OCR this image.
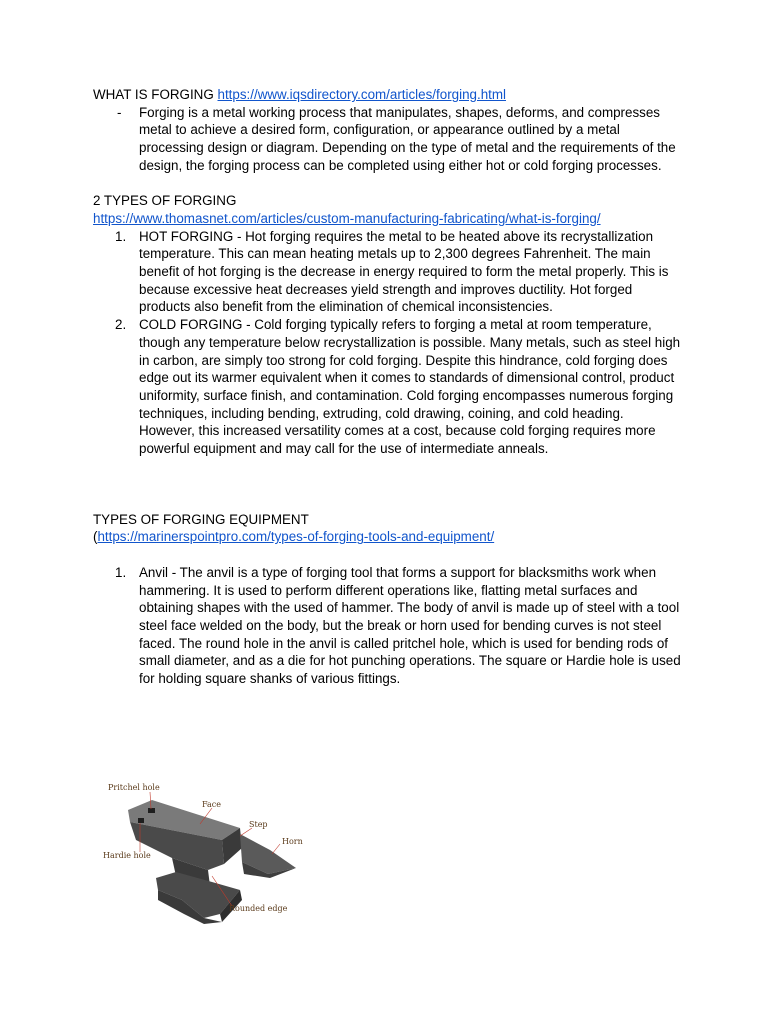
WHAT IS FORGING https://www.iqsdirectory.com/articles/forging.html

- Forging is a metal working process that manipulates, shapes, deforms, and compresses metal to achieve a desired form, configuration, or appearance outlined by a metal processing design or diagram. Depending on the type of metal and the requirements of the design, the forging process can be completed using either hot or cold forging processes.

2 TYPES OF FORGING

https://www.thomasnet.com/articles/custom-manufacturing-fabricating/what-is-forging/

1. HOT FORGING - Hot forging requires the metal to be heated above its recrystallization temperature. This can mean heating metals up to 2,300 degrees Fahrenheit. The main benefit of hot forging is the decrease in energy required to form the metal properly. This is because excessive heat decreases yield strength and improves ductility. Hot forged products also benefit from the elimination of chemical inconsistencies.
2. COLD FORGING - Cold forging typically refers to forging a metal at room temperature, though any temperature below recrystallization is possible. Many metals, such as steel high in carbon, are simply too strong for cold forging. Despite this hindrance, cold forging does edge out its warmer equivalent when it comes to standards of dimensional control, product uniformity, surface finish, and contamination. Cold forging encompasses numerous forging techniques, including bending, extruding, cold drawing, coining, and cold heading. However, this increased versatility comes at a cost, because cold forging requires more powerful equipment and may call for the use of intermediate anneals.

TYPES OF FORGING EQUIPMENT

(https://marinerspointpro.com/types-of-forging-tools-and-equipment/

1. Anvil - The anvil is a type of forging tool that forms a support for blacksmiths work when hammering. It is used to perform different operations like, flatting metal surfaces and obtaining shapes with the used of hammer. The body of anvil is made up of steel with a tool steel face welded on the body, but the break or horn used for bending curves is not steel faced. The round hole in the anvil is called pritchel hole, which is used for bending rods of small diameter, and as a die for hot punching operations. The square or Hardie hole is used for holding square shanks of various fittings.
Pritchel hole
Face
Step
Horn
Hardie hole
Rounded edge
